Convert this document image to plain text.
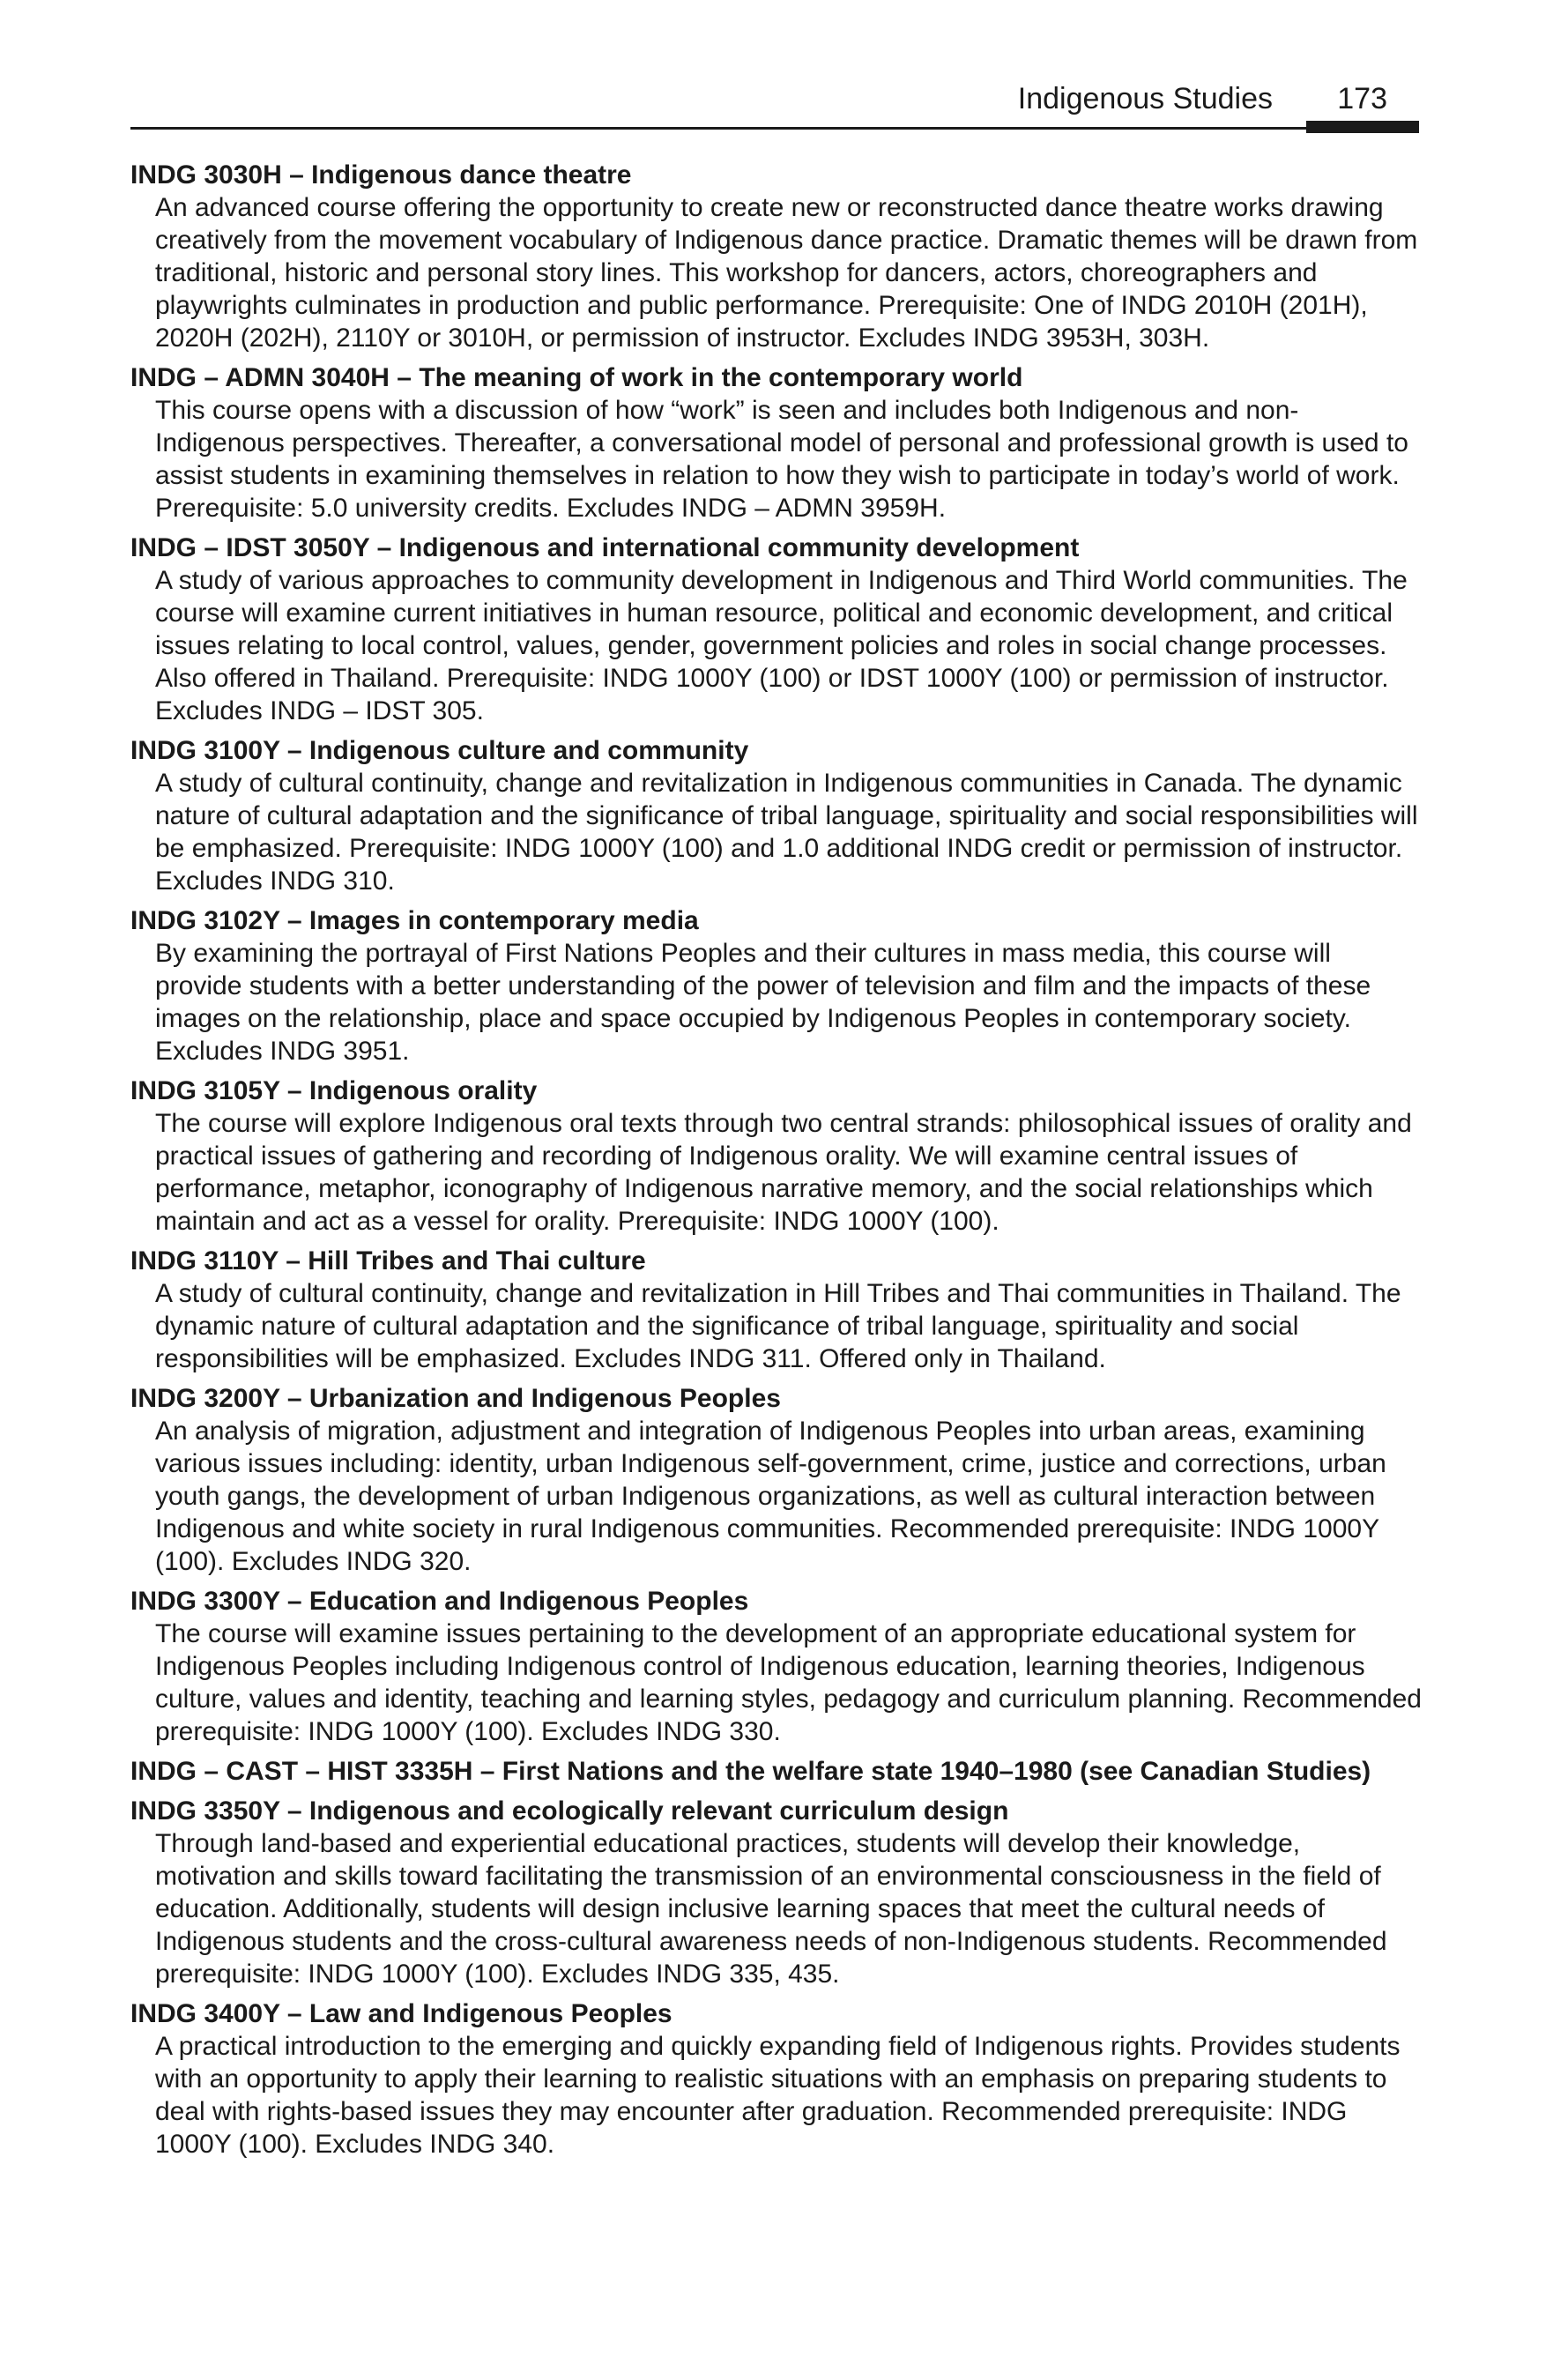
Indigenous Studies 173

INDG 3030H – Indigenous dance theatre

An advanced course offering the opportunity to create new or reconstructed dance theatre works drawing creatively from the movement vocabulary of Indigenous dance practice. Dramatic themes will be drawn from traditional, historic and personal story lines. This workshop for dancers, actors, choreographers and playwrights culminates in production and public performance. Prerequisite: One of INDG 2010H (201H), 2020H (202H), 2110Y or 3010H, or permission of instructor. Excludes INDG 3953H, 303H.

INDG – ADMN 3040H – The meaning of work in the contemporary world

This course opens with a discussion of how “work” is seen and includes both Indigenous and non-Indigenous perspectives. Thereafter, a conversational model of personal and professional growth is used to assist students in examining themselves in relation to how they wish to participate in today’s world of work. Prerequisite: 5.0 university credits. Excludes INDG – ADMN 3959H.

INDG – IDST 3050Y – Indigenous and international community development

A study of various approaches to community development in Indigenous and Third World communities. The course will examine current initiatives in human resource, political and economic development, and critical issues relating to local control, values, gender, government policies and roles in social change processes. Also offered in Thailand. Prerequisite: INDG 1000Y (100) or IDST 1000Y (100) or permission of instructor. Excludes INDG – IDST 305.

INDG 3100Y – Indigenous culture and community

A study of cultural continuity, change and revitalization in Indigenous communities in Canada. The dynamic nature of cultural adaptation and the significance of tribal language, spirituality and social responsibilities will be emphasized. Prerequisite: INDG 1000Y (100) and 1.0 additional INDG credit or permission of instructor. Excludes INDG 310.

INDG 3102Y – Images in contemporary media

By examining the portrayal of First Nations Peoples and their cultures in mass media, this course will provide students with a better understanding of the power of television and film and the impacts of these images on the relationship, place and space occupied by Indigenous Peoples in contemporary society. Excludes INDG 3951.

INDG 3105Y – Indigenous orality

The course will explore Indigenous oral texts through two central strands: philosophical issues of orality and practical issues of gathering and recording of Indigenous orality. We will examine central issues of performance, metaphor, iconography of Indigenous narrative memory, and the social relationships which maintain and act as a vessel for orality. Prerequisite: INDG 1000Y (100).

INDG 3110Y – Hill Tribes and Thai culture

A study of cultural continuity, change and revitalization in Hill Tribes and Thai communities in Thailand. The dynamic nature of cultural adaptation and the significance of tribal language, spirituality and social responsibilities will be emphasized. Excludes INDG 311. Offered only in Thailand.

INDG 3200Y – Urbanization and Indigenous Peoples

An analysis of migration, adjustment and integration of Indigenous Peoples into urban areas, examining various issues including: identity, urban Indigenous self-government, crime, justice and corrections, urban youth gangs, the development of urban Indigenous organizations, as well as cultural interaction between Indigenous and white society in rural Indigenous communities. Recommended prerequisite: INDG 1000Y (100). Excludes INDG 320.

INDG 3300Y – Education and Indigenous Peoples

The course will examine issues pertaining to the development of an appropriate educational system for Indigenous Peoples including Indigenous control of Indigenous education, learning theories, Indigenous culture, values and identity, teaching and learning styles, pedagogy and curriculum planning. Recommended prerequisite: INDG 1000Y (100). Excludes INDG 330.

INDG – CAST – HIST 3335H – First Nations and the welfare state 1940–1980 (see Canadian Studies)

INDG 3350Y – Indigenous and ecologically relevant curriculum design

Through land-based and experiential educational practices, students will develop their knowledge, motivation and skills toward facilitating the transmission of an environmental consciousness in the field of education. Additionally, students will design inclusive learning spaces that meet the cultural needs of Indigenous students and the cross-cultural awareness needs of non-Indigenous students. Recommended prerequisite: INDG 1000Y (100). Excludes INDG 335, 435.

INDG 3400Y – Law and Indigenous Peoples

A practical introduction to the emerging and quickly expanding field of Indigenous rights. Provides students with an opportunity to apply their learning to realistic situations with an emphasis on preparing students to deal with rights-based issues they may encounter after graduation. Recommended prerequisite: INDG 1000Y (100). Excludes INDG 340.
